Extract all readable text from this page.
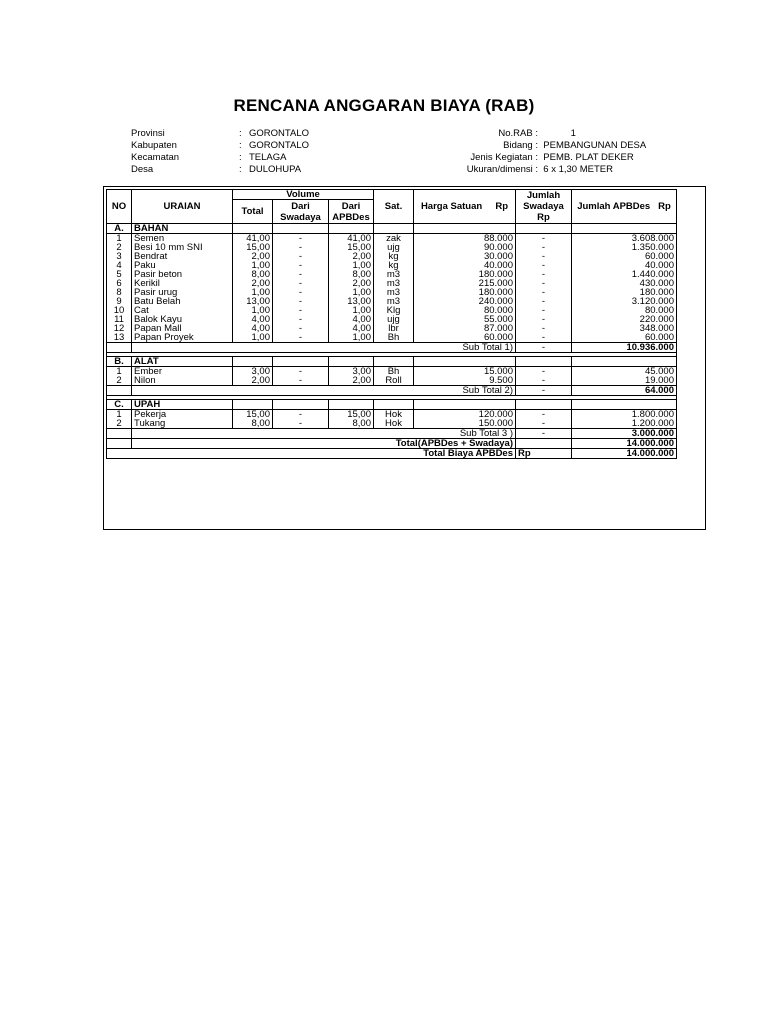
RENCANA ANGGARAN BIAYA (RAB)
Provinsi	: GORONTALO
Kabupaten	: GORONTALO
Kecamatan	: TELAGA
Desa	: DULOHUPA
No.RAB :	1
Bidang : PEMBANGUNAN DESA
Jenis Kegiatan : PEMB. PLAT DEKER
Ukuran/dimensi : 6 x 1,30 METER
NO	URAIAN	Volume			Sat.	Harga Satuan Rp	Jumlah Swadaya Rp	Jumlah APBDes Rp
		Total	Dari Swadaya	Dari APBDes				
A.	BAHAN							
1	Semen	41,00	-	41,00	zak	88.000	-	3.608.000
2	Besi 10 mm SNI	15,00	-	15,00	ujg	90.000	-	1.350.000
3	Bendrat	2,00	-	2,00	kg	30.000	-	60.000
4	Paku	1,00	-	1,00	kg	40.000	-	40.000
5	Pasir beton	8,00	-	8,00	m3	180.000	-	1.440.000
6	Kerikil	2,00	-	2,00	m3	215.000	-	430.000
8	Pasir urug	1,00	-	1,00	m3	180.000	-	180.000
9	Batu Belah	13,00	-	13,00	m3	240.000	-	3.120.000
10	Cat	1,00	-	1,00	Klg	80.000	-	80.000
11	Balok Kayu	4,00	-	4,00	ujg	55.000	-	220.000
12	Papan Mall	4,00	-	4,00	lbr	87.000	-	348.000
13	Papan Proyek	1,00	-	1,00	Bh	60.000	-	60.000
	Sub Total 1)						-	10.936.000

B.	ALAT							
1	Ember	3,00	-	3,00	Bh	15.000	-	45.000
2	Nilon	2,00	-	2,00	Roll	9.500	-	19.000
	Sub Total 2)						-	64.000

C.	UPAH							
1	Pekerja	15,00	-	15,00	Hok	120.000	-	1.800.000
2	Tukang	8,00	-	8,00	Hok	150.000	-	1.200.000
	Sub Total 3 )						-	3.000.000
	Total(APBDes + Swadaya)							14.000.000
Total Biaya APBDes							Rp	14.000.000
